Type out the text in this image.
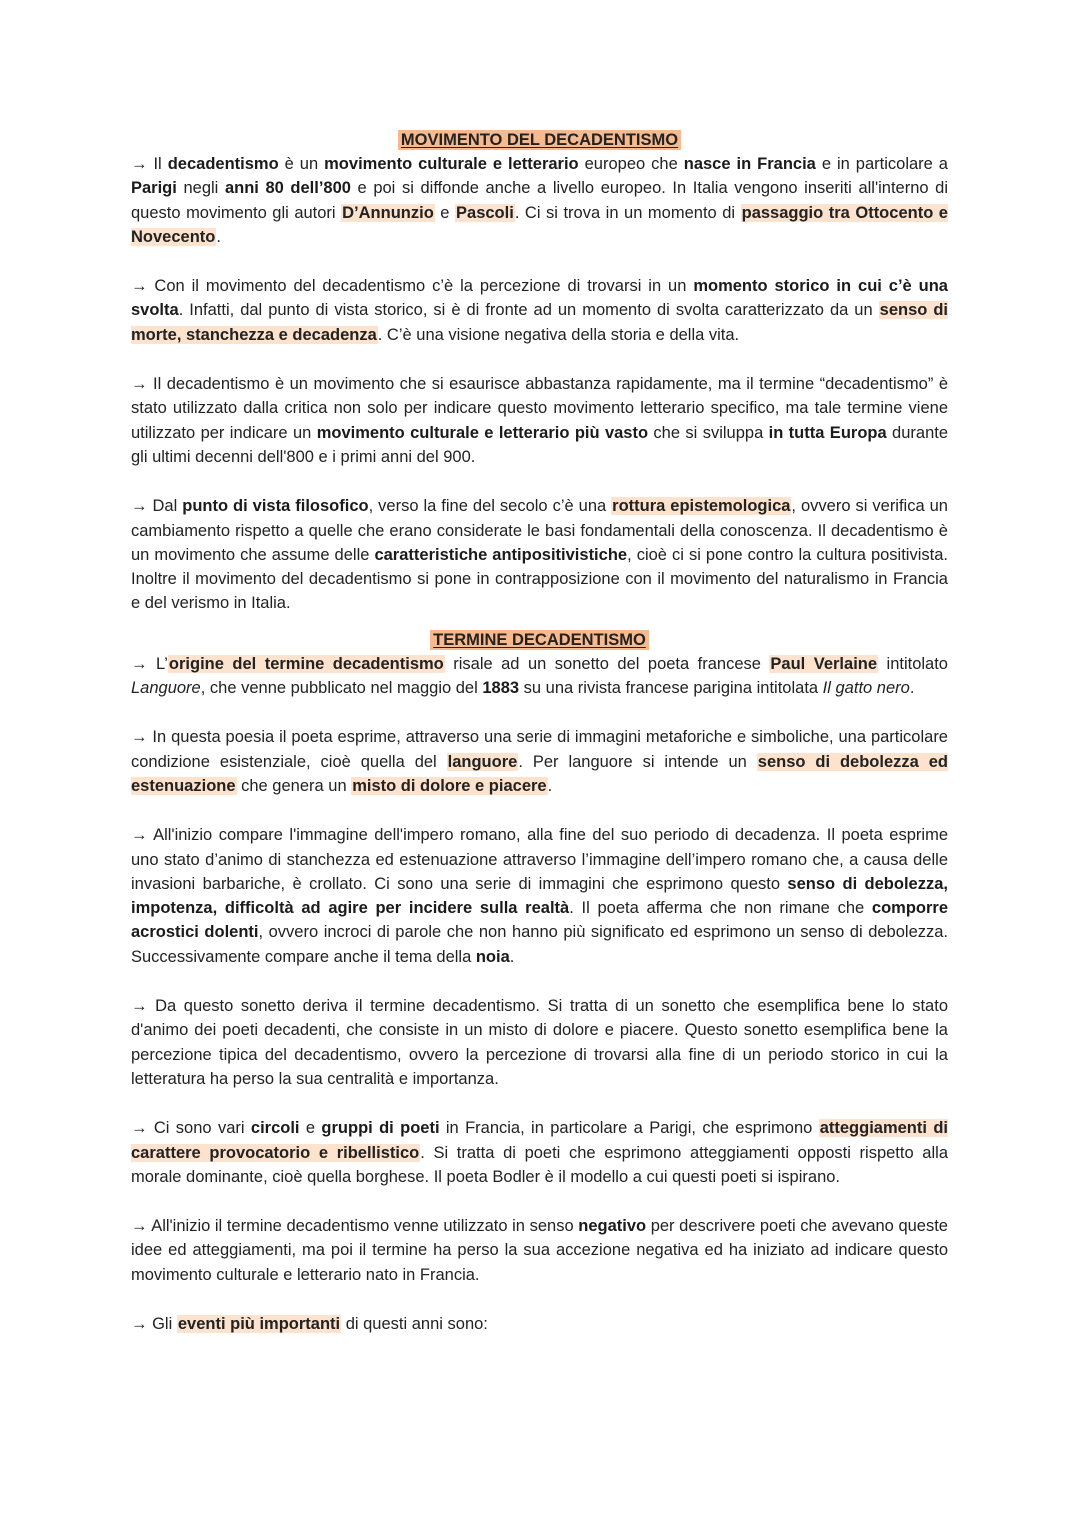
MOVIMENTO DEL DECADENTISMO

→ Il decadentismo è un movimento culturale e letterario europeo che nasce in Francia e in particolare a Parigi negli anni 80 dell’800 e poi si diffonde anche a livello europeo. In Italia vengono inseriti all'interno di questo movimento gli autori D’Annunzio e Pascoli. Ci si trova in un momento di passaggio tra Ottocento e Novecento.

→ Con il movimento del decadentismo c’è la percezione di trovarsi in un momento storico in cui c’è una svolta. Infatti, dal punto di vista storico, si è di fronte ad un momento di svolta caratterizzato da un senso di morte, stanchezza e decadenza. C’è una visione negativa della storia e della vita.

→ Il decadentismo è un movimento che si esaurisce abbastanza rapidamente, ma il termine “decadentismo” è stato utilizzato dalla critica non solo per indicare questo movimento letterario specifico, ma tale termine viene utilizzato per indicare un movimento culturale e letterario più vasto che si sviluppa in tutta Europa durante gli ultimi decenni dell'800 e i primi anni del 900.

→ Dal punto di vista filosofico, verso la fine del secolo c’è una rottura epistemologica, ovvero si verifica un cambiamento rispetto a quelle che erano considerate le basi fondamentali della conoscenza. Il decadentismo è un movimento che assume delle caratteristiche antipositivistiche, cioè ci si pone contro la cultura positivista. Inoltre il movimento del decadentismo si pone in contrapposizione con il movimento del naturalismo in Francia e del verismo in Italia.

TERMINE DECADENTISMO

→ L’origine del termine decadentismo risale ad un sonetto del poeta francese Paul Verlaine intitolato Languore, che venne pubblicato nel maggio del 1883 su una rivista francese parigina intitolata Il gatto nero.

→ In questa poesia il poeta esprime, attraverso una serie di immagini metaforiche e simboliche, una particolare condizione esistenziale, cioè quella del languore. Per languore si intende un senso di debolezza ed estenuazione che genera un misto di dolore e piacere.

→ All'inizio compare l'immagine dell'impero romano, alla fine del suo periodo di decadenza. Il poeta esprime uno stato d’animo di stanchezza ed estenuazione attraverso l’immagine dell’impero romano che, a causa delle invasioni barbariche, è crollato. Ci sono una serie di immagini che esprimono questo senso di debolezza, impotenza, difficoltà ad agire per incidere sulla realtà. Il poeta afferma che non rimane che comporre acrostici dolenti, ovvero incroci di parole che non hanno più significato ed esprimono un senso di debolezza. Successivamente compare anche il tema della noia.

→ Da questo sonetto deriva il termine decadentismo. Si tratta di un sonetto che esemplifica bene lo stato d'animo dei poeti decadenti, che consiste in un misto di dolore e piacere. Questo sonetto esemplifica bene la percezione tipica del decadentismo, ovvero la percezione di trovarsi alla fine di un periodo storico in cui la letteratura ha perso la sua centralità e importanza.

→ Ci sono vari circoli e gruppi di poeti in Francia, in particolare a Parigi, che esprimono atteggiamenti di carattere provocatorio e ribellistico. Si tratta di poeti che esprimono atteggiamenti opposti rispetto alla morale dominante, cioè quella borghese. Il poeta Bodler è il modello a cui questi poeti si ispirano.

→ All'inizio il termine decadentismo venne utilizzato in senso negativo per descrivere poeti che avevano queste idee ed atteggiamenti, ma poi il termine ha perso la sua accezione negativa ed ha iniziato ad indicare questo movimento culturale e letterario nato in Francia.

→ Gli eventi più importanti di questi anni sono:
